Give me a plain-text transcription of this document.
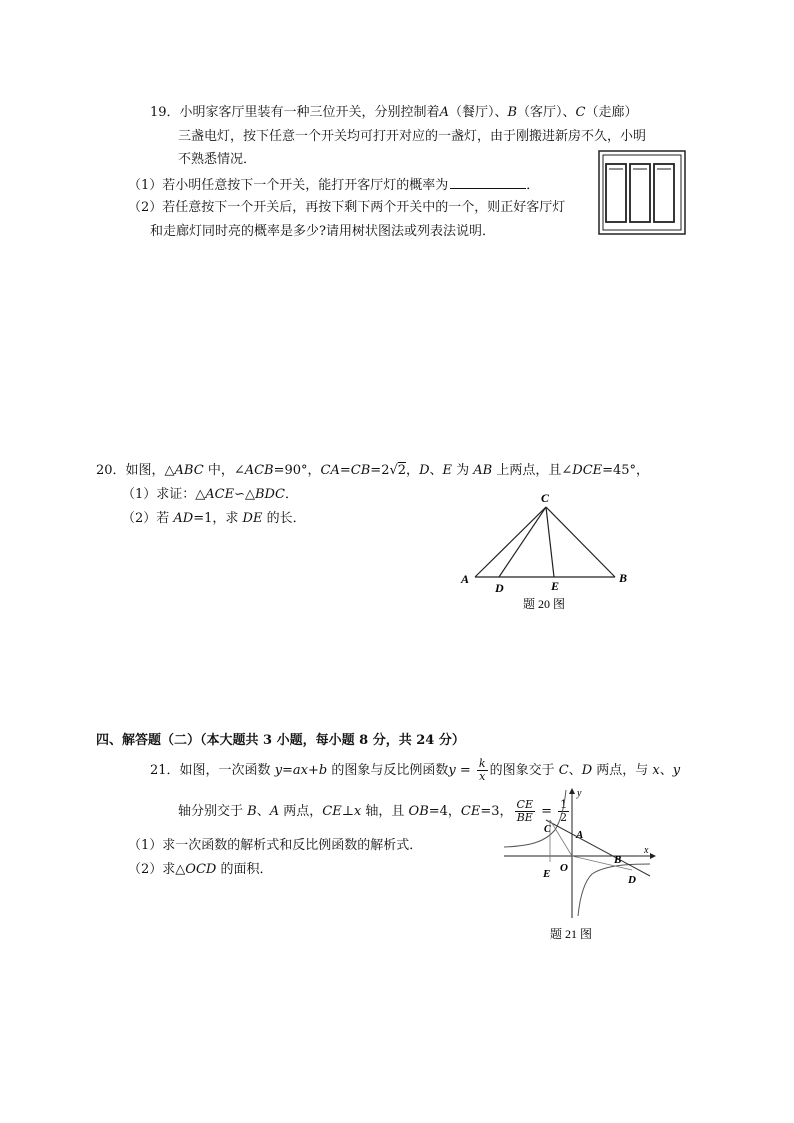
19．小明家客厅里装有一种三位开关，分别控制着A（餐厅）、B（客厅）、C（走廊）
三盏电灯，按下任意一个开关均可打开对应的一盏灯，由于刚搬进新房不久，小明
不熟悉情况．
（1）若小明任意按下一个开关，能打开客厅灯的概率为	．
（2）若任意按下一个开关后，再按下剩下两个开关中的一个，则正好客厅灯
和走廊灯同时亮的概率是多少?请用树状图法或列表法说明．
20．如图，△ABC 中，∠ACB=90°，CA=CB=2√2，D、E 为 AB 上两点，且∠DCE=45°，
（1）求证：△ACE∽△BDC．
（2）若 AD=1，求 DE 的长．
C
A
D	E
B
题 20 图
四、解答题（二）（本大题共 3 小题，每小题 8 分，共 24 分）
21．如图，一次函数 y=ax+b 的图象与反比例函数$y = \frac{k}{x}$ 的图象交于 C、D 两点，与 x、y
轴分别交于 B、A 两点，CE⊥x 轴，且 OB=4，CE=3， $\frac{CE}{BE} = \frac{1}{2}$
（1）求一次函数的解析式和反比例函数的解析式．
（2）求△OCD 的面积．
y
x
A
B
O
E	D
C
题 21 图
